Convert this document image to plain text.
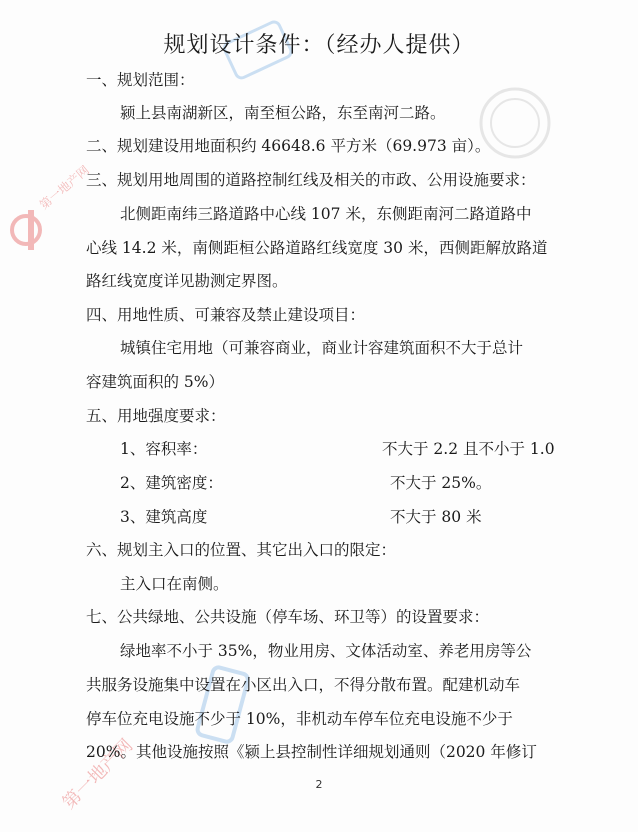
第一地产网
第一地产网
规划设计条件：（经办人提供）
一、规划范围：
颍上县南湖新区，南至桓公路，东至南河二路。
二、规划建设用地面积约 46648.6 平方米（69.973 亩）。
三、规划用地周围的道路控制红线及相关的市政、公用设施要求：
北侧距南纬三路道路中心线 107 米，东侧距南河二路道路中
心线 14.2 米，南侧距桓公路道路红线宽度 30 米，西侧距解放路道
路红线宽度详见勘测定界图。
四、用地性质、可兼容及禁止建设项目：
城镇住宅用地（可兼容商业，商业计容建筑面积不大于总计
容建筑面积的 5%）
五、用地强度要求：
1、容积率：	不大于 2.2 且不小于 1.0
2、建筑密度：	不大于 25%。
3、建筑高度	不大于 80 米
六、规划主入口的位置、其它出入口的限定：
主入口在南侧。
七、公共绿地、公共设施（停车场、环卫等）的设置要求：
绿地率不小于 35%，物业用房、文体活动室、养老用房等公
共服务设施集中设置在小区出入口，不得分散布置。配建机动车
停车位充电设施不少于 10%，非机动车停车位充电设施不少于
20%。其他设施按照《颍上县控制性详细规划通则（2020 年修订
2
